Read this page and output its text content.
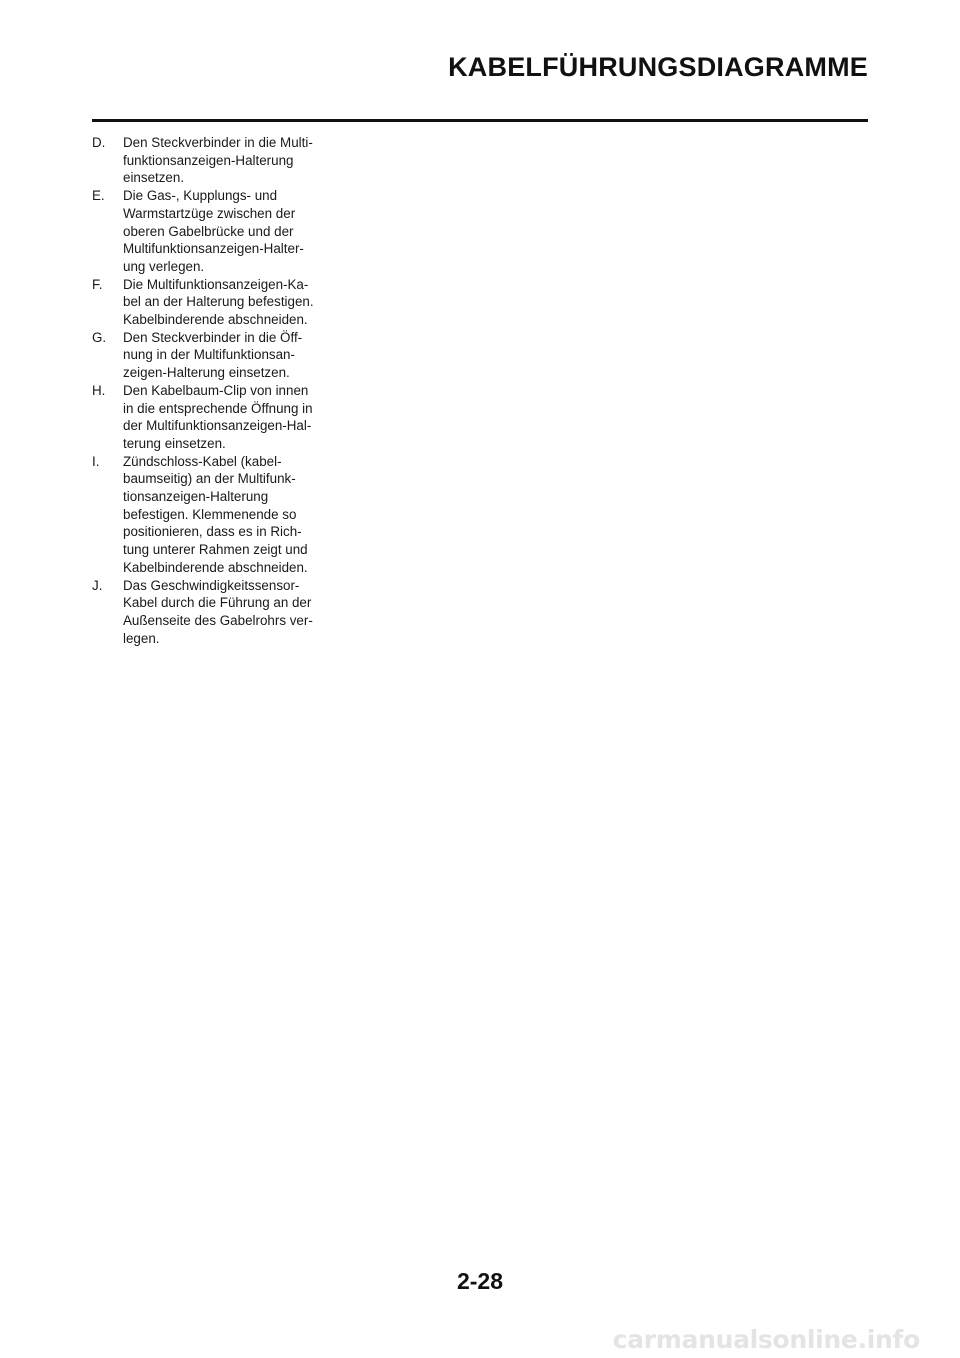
KABELFÜHRUNGSDIAGRAMME
D.	Den Steckverbinder in die Multi-
funktionsanzeigen-Halterung
einsetzen.
E.	Die Gas-, Kupplungs- und
Warmstartzüge zwischen der
oberen Gabelbrücke und der
Multifunktionsanzeigen-Halter-
ung verlegen.
F.	Die Multifunktionsanzeigen-Ka-
bel an der Halterung befestigen.
Kabelbinderende abschneiden.
G.	Den Steckverbinder in die Öff-
nung in der Multifunktionsan-
zeigen-Halterung einsetzen.
H.	Den Kabelbaum-Clip von innen
in die entsprechende Öffnung in
der Multifunktionsanzeigen-Hal-
terung einsetzen.
I.	Zündschloss-Kabel (kabel-
baumseitig) an der Multifunk-
tionsanzeigen-Halterung
befestigen. Klemmenende so
positionieren, dass es in Rich-
tung unterer Rahmen zeigt und
Kabelbinderende abschneiden.
J.	Das Geschwindigkeitssensor-
Kabel durch die Führung an der
Außenseite des Gabelrohrs ver-
legen.
2-28
carmanualsonline.info
